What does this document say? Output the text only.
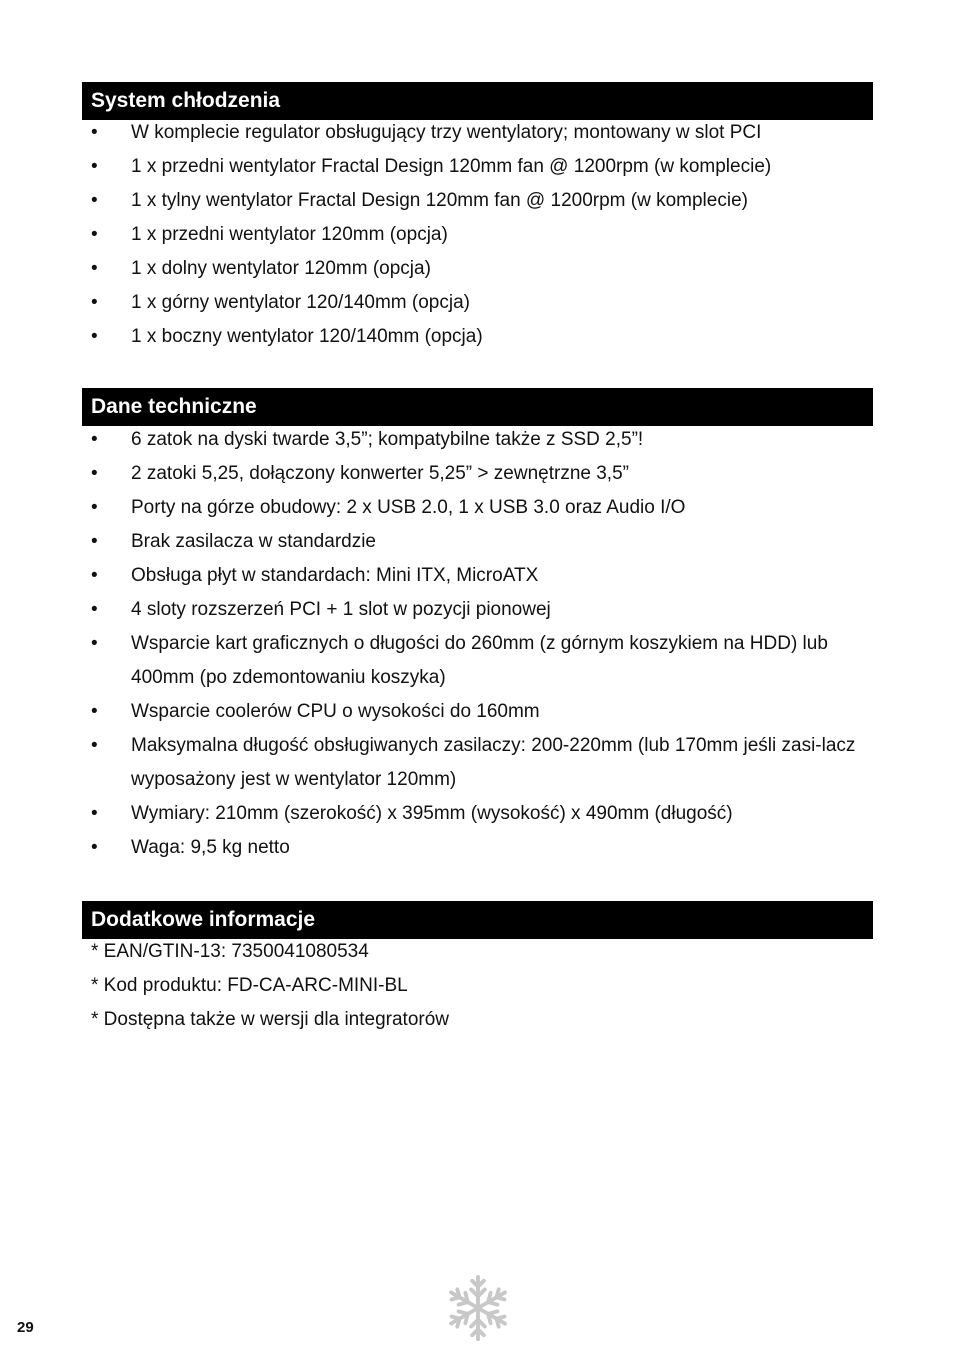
System chłodzenia
• W komplecie regulator obsługujący trzy wentylatory; montowany w slot PCI
• 1 x przedni wentylator Fractal Design 120mm fan @ 1200rpm (w komplecie)
• 1 x tylny wentylator Fractal Design 120mm fan @ 1200rpm (w komplecie)
• 1 x przedni wentylator 120mm (opcja)
• 1 x dolny wentylator 120mm (opcja)
• 1 x górny wentylator 120/140mm (opcja)
• 1 x boczny wentylator 120/140mm (opcja)
Dane techniczne
• 6 zatok na dyski twarde 3,5”; kompatybilne także z SSD 2,5”!
• 2 zatoki 5,25, dołączony konwerter 5,25” > zewnętrzne 3,5”
• Porty na górze obudowy: 2 x USB 2.0, 1 x USB 3.0 oraz Audio I/O
• Brak zasilacza w standardzie
• Obsługa płyt w standardach: Mini ITX, MicroATX
• 4 sloty rozszerzeń PCI + 1 slot w pozycji pionowej
• Wsparcie kart graficznych o długości do 260mm (z górnym koszykiem na HDD) lub 400mm (po zdemontowaniu koszyka)
• Wsparcie coolerów CPU o wysokości do 160mm
• Maksymalna długość obsługiwanych zasilaczy: 200-220mm (lub 170mm jeśli zasi-lacz wyposażony jest w wentylator 120mm)
• Wymiary: 210mm (szerokość) x 395mm (wysokość) x 490mm (długość)
• Waga: 9,5 kg netto
Dodatkowe informacje
* EAN/GTIN-13: 7350041080534
* Kod produktu: FD-CA-ARC-MINI-BL
* Dostępna także w wersji dla integratorów
29
